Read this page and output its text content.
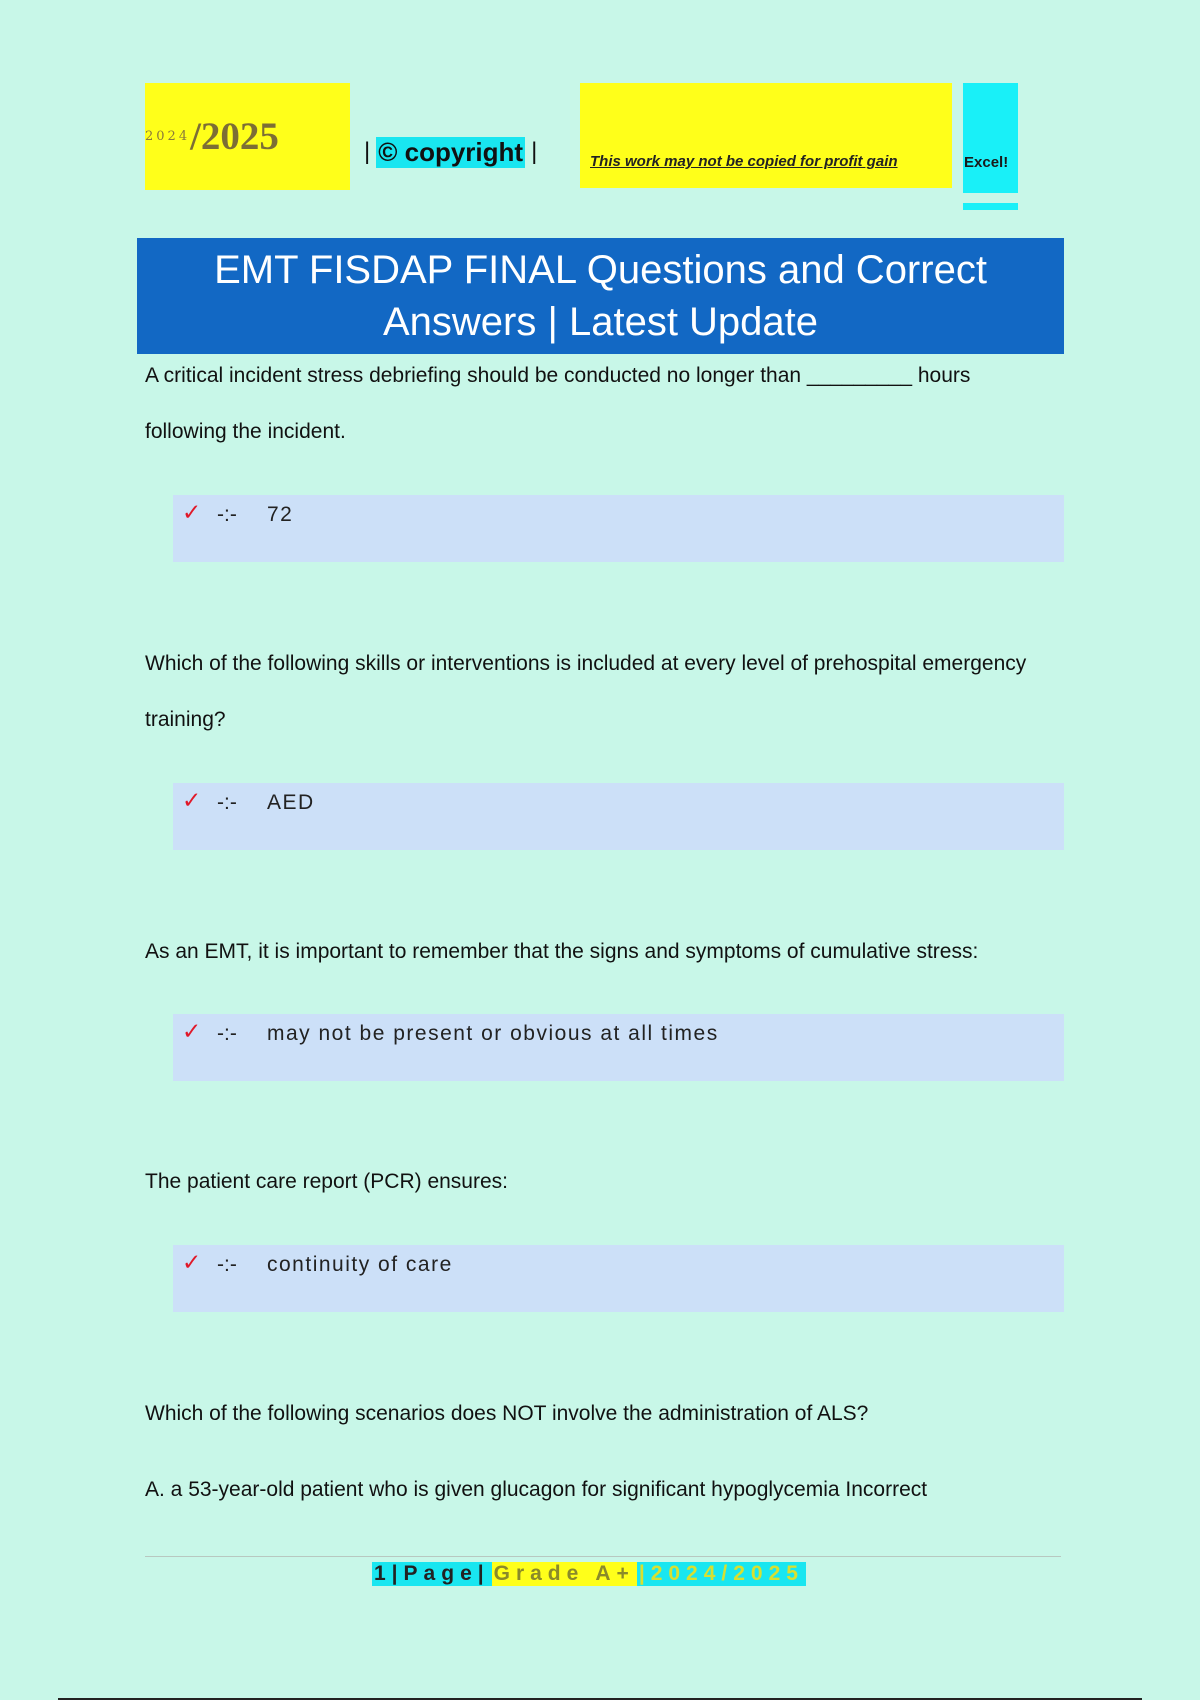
2024 /2025	| © copyright |	This work may not be copied for profit gain	Excel!
EMT FISDAP FINAL Questions and Correct Answers | Latest Update
A critical incident stress debriefing should be conducted no longer than _________ hours following the incident.
✓ -:- 72
Which of the following skills or interventions is included at every level of prehospital emergency training?
✓ -:- AED
As an EMT, it is important to remember that the signs and symptoms of cumulative stress:
✓ -:- may not be present or obvious at all times
The patient care report (PCR) ensures:
✓ -:- continuity of care
Which of the following scenarios does NOT involve the administration of ALS?
A. a 53-year-old patient who is given glucagon for significant hypoglycemia Incorrect
1|Page| Grade A+ |2024/2025
